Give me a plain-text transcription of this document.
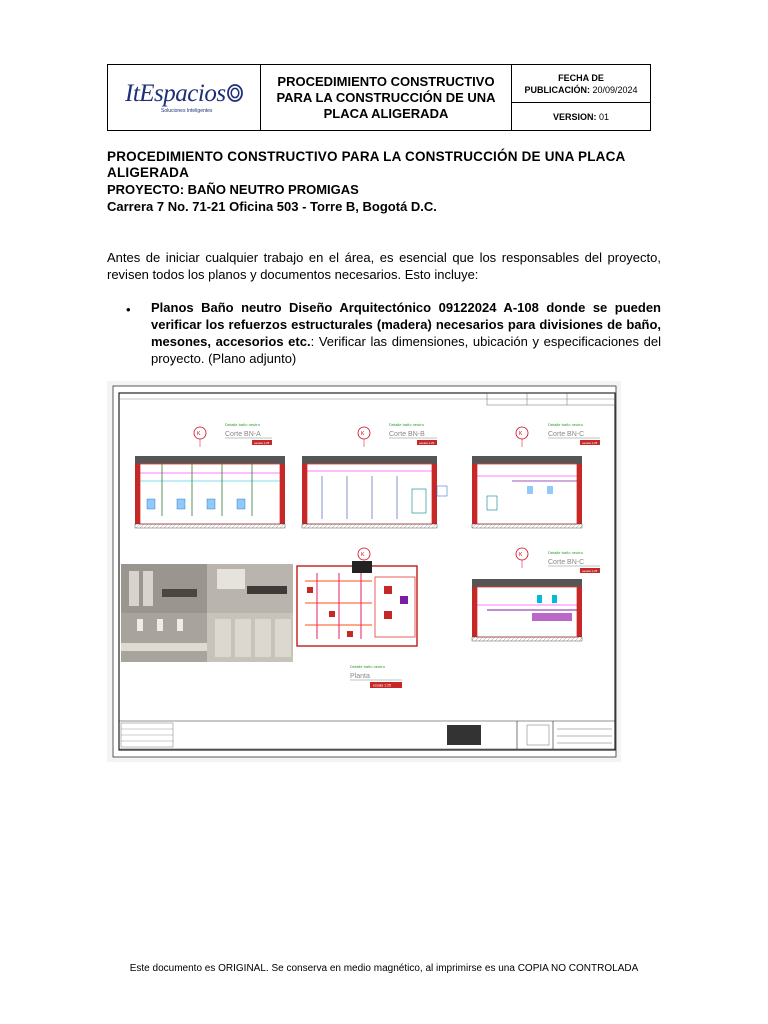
ItEspacios
Soluciones Inteligentes
PROCEDIMIENTO CONSTRUCTIVO PARA LA CONSTRUCCIÓN DE UNA PLACA ALIGERADA
FECHA DE
PUBLICACIÓN: 20/09/2024
VERSION:
01
PROCEDIMIENTO CONSTRUCTIVO PARA LA CONSTRUCCIÓN DE UNA PLACA ALIGERADA
PROYECTO: BAÑO NEUTRO PROMIGAS
Carrera 7 No. 71-21 Oficina 503 - Torre B, Bogotá D.C.
Antes de iniciar cualquier trabajo en el área, es esencial que los responsables del proyecto, revisen todos los planos y documentos necesarios. Esto incluye:
• Planos Baño neutro Diseño Arquitectónico 09122024 A-108 donde se pueden verificar los refuerzos estructurales (madera) necesarios para divisiones de baño, mesones, accesorios etc.: Verificar las dimensiones, ubicación y especificaciones del proyecto. (Plano adjunto)
K
Detalle baño neutro
Corte BN-A
escala 1:25
K
Detalle baño neutro
Corte BN-B
escala 1:25
K
Detalle baño neutro
Corte BN-C
escala 1:25
K
Detalle baño neutro
Planta
escala 1:25
K	Detalle baño neutro
Corte BN-C
escala 1:25
Este documento es ORIGINAL. Se conserva en medio magnético, al imprimirse es una COPIA NO CONTROLADA
